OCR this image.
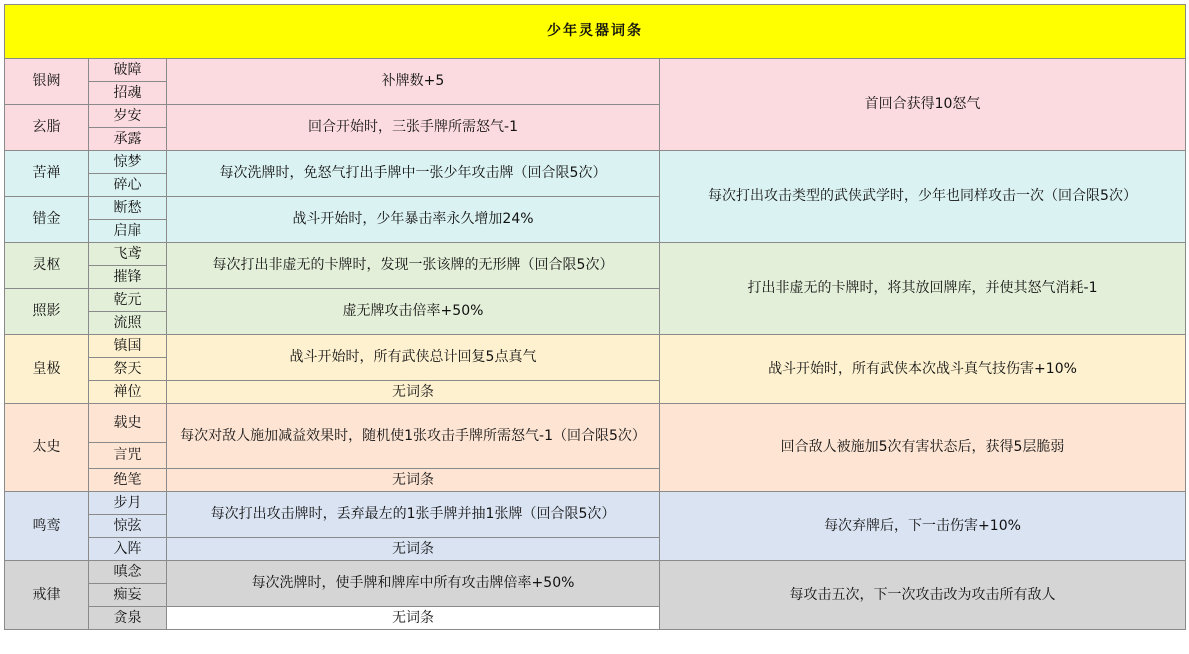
少年灵器词条			
银阙	破障	补牌数+5	首回合获得10怒气
	招魂		
玄脂	岁安	回合开始时，三张手牌所需怒气-1	
	承露		
苦禅	惊梦	每次洗牌时，免怒气打出手牌中一张少年攻击牌（回合限5次）	每次打出攻击类型的武侠武学时，少年也同样攻击一次（回合限5次）
	碎心		
错金	断愁	战斗开始时，少年暴击率永久增加24%	
	启扉		
灵枢	飞鸢	每次打出非虚无的卡牌时，发现一张该牌的无形牌（回合限5次）	打出非虚无的卡牌时，将其放回牌库，并使其怒气消耗-1
	摧锋		
照影	乾元	虚无牌攻击倍率+50%	
	流照		
皇极	镇国	战斗开始时，所有武侠总计回复5点真气	战斗开始时，所有武侠本次战斗真气技伤害+10%
	祭天		
	禅位	无词条	
太史	载史	每次对敌人施加减益效果时，随机使1张攻击手牌所需怒气-1（回合限5次）	回合敌人被施加5次有害状态后，获得5层脆弱
	言咒		
	绝笔	无词条	
鸣鸾	步月	每次打出攻击牌时，丢弃最左的1张手牌并抽1张牌（回合限5次）	每次弃牌后，下一击伤害+10%
	惊弦		
	入阵	无词条	
戒律	嗔念	每次洗牌时，使手牌和牌库中所有攻击牌倍率+50%	每攻击五次，下一次攻击改为攻击所有敌人
	痴妄		
	贪泉	无词条	
